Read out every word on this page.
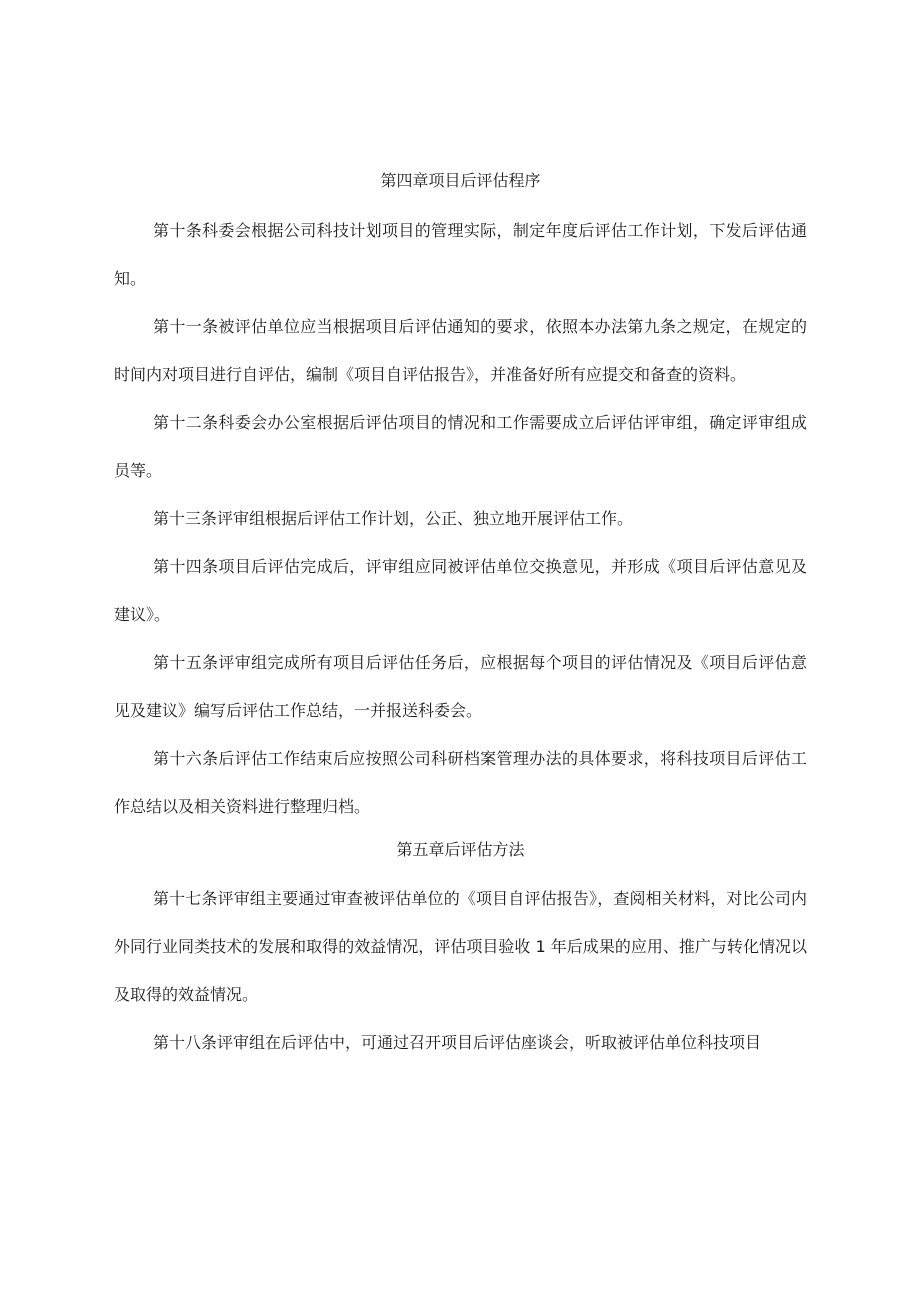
第四章项目后评估程序

第十条科委会根据公司科技计划项目的管理实际，制定年度后评估工作计划，下发后评估通知。

第十一条被评估单位应当根据项目后评估通知的要求，依照本办法第九条之规定，在规定的时间内对项目进行自评估，编制《项目自评估报告》，并准备好所有应提交和备查的资料。

第十二条科委会办公室根据后评估项目的情况和工作需要成立后评估评审组，确定评审组成员等。

第十三条评审组根据后评估工作计划，公正、独立地开展评估工作。

第十四条项目后评估完成后，评审组应同被评估单位交换意见，并形成《项目后评估意见及建议》。

第十五条评审组完成所有项目后评估任务后，应根据每个项目的评估情况及《项目后评估意见及建议》编写后评估工作总结，一并报送科委会。

第十六条后评估工作结束后应按照公司科研档案管理办法的具体要求，将科技项目后评估工作总结以及相关资料进行整理归档。

第五章后评估方法

第十七条评审组主要通过审查被评估单位的《项目自评估报告》，查阅相关材料，对比公司内外同行业同类技术的发展和取得的效益情况，评估项目验收 1 年后成果的应用、推广与转化情况以及取得的效益情况。

第十八条评审组在后评估中，可通过召开项目后评估座谈会，听取被评估单位科技项目
